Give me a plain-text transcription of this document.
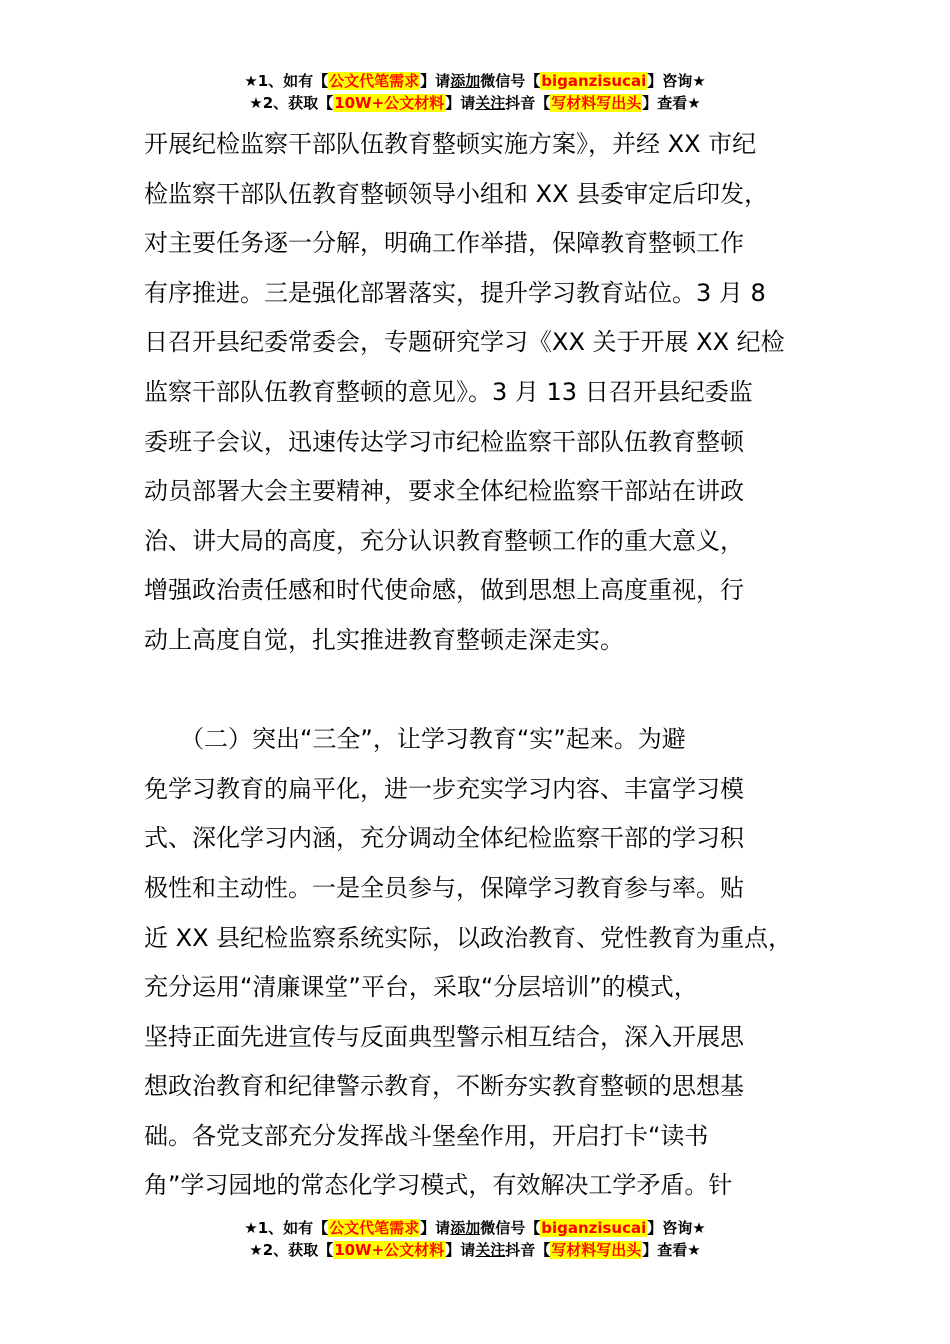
★1、如有【公文代笔需求】请添加微信号【biganzisucai】咨询★
★2、获取【10W+公文材料】请关注抖音【写材料写出头】查看★
开展纪检监察干部队伍教育整顿实施方案》，并经 XX 市纪
检监察干部队伍教育整顿领导小组和 XX 县委审定后印发，
对主要任务逐一分解，明确工作举措，保障教育整顿工作
有序推进。三是强化部署落实，提升学习教育站位。3 月 8
日召开县纪委常委会，专题研究学习《XX 关于开展 XX 纪检
监察干部队伍教育整顿的意见》。3 月 13 日召开县纪委监
委班子会议，迅速传达学习市纪检监察干部队伍教育整顿
动员部署大会主要精神，要求全体纪检监察干部站在讲政
治、讲大局的高度，充分认识教育整顿工作的重大意义，
增强政治责任感和时代使命感，做到思想上高度重视，行
动上高度自觉，扎实推进教育整顿走深走实。
　　（二）突出“三全”，让学习教育“实”起来。为避
免学习教育的扁平化，进一步充实学习内容、丰富学习模
式、深化学习内涵，充分调动全体纪检监察干部的学习积
极性和主动性。一是全员参与，保障学习教育参与率。贴
近 XX 县纪检监察系统实际，以政治教育、党性教育为重点，
充分运用“清廉课堂”平台，采取“分层培训”的模式，
坚持正面先进宣传与反面典型警示相互结合，深入开展思
想政治教育和纪律警示教育，不断夯实教育整顿的思想基
础。各党支部充分发挥战斗堡垒作用，开启打卡“读书
角”学习园地的常态化学习模式，有效解决工学矛盾。针
★1、如有【公文代笔需求】请添加微信号【biganzisucai】咨询★
★2、获取【10W+公文材料】请关注抖音【写材料写出头】查看★
